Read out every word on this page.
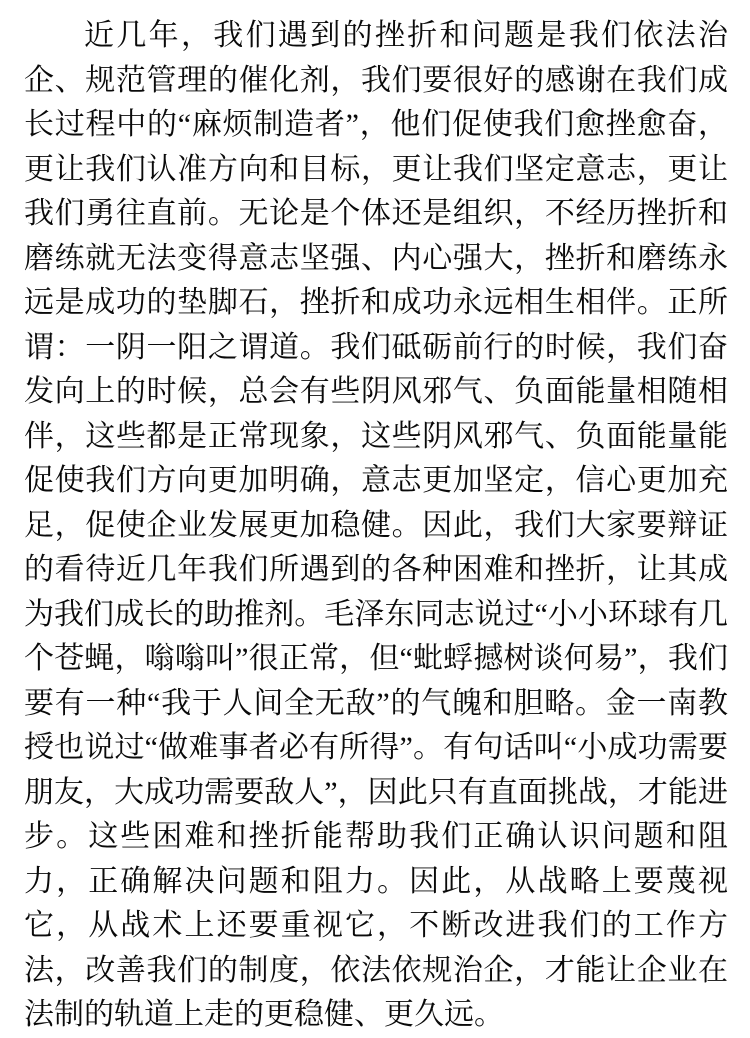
近几年，我们遇到的挫折和问题是我们依法治企、规范管理的催化剂，我们要很好的感谢在我们成长过程中的“麻烦制造者”，他们促使我们愈挫愈奋，更让我们认准方向和目标，更让我们坚定意志，更让我们勇往直前。无论是个体还是组织，不经历挫折和磨练就无法变得意志坚强、内心强大，挫折和磨练永远是成功的垫脚石，挫折和成功永远相生相伴。正所谓：一阴一阳之谓道。我们砥砺前行的时候，我们奋发向上的时候，总会有些阴风邪气、负面能量相随相伴，这些都是正常现象，这些阴风邪气、负面能量能促使我们方向更加明确，意志更加坚定，信心更加充足，促使企业发展更加稳健。因此，我们大家要辩证的看待近几年我们所遇到的各种困难和挫折，让其成为我们成长的助推剂。毛泽东同志说过“小小环球有几个苍蝇，嗡嗡叫”很正常，但“蚍蜉撼树谈何易”，我们要有一种“我于人间全无敌”的气魄和胆略。金一南教授也说过“做难事者必有所得”。有句话叫“小成功需要朋友，大成功需要敌人”，因此只有直面挑战，才能进步。这些困难和挫折能帮助我们正确认识问题和阻力，正确解决问题和阻力。因此，从战略上要蔑视它，从战术上还要重视它，不断改进我们的工作方法，改善我们的制度，依法依规治企，才能让企业在法制的轨道上走的更稳健、更久远。
